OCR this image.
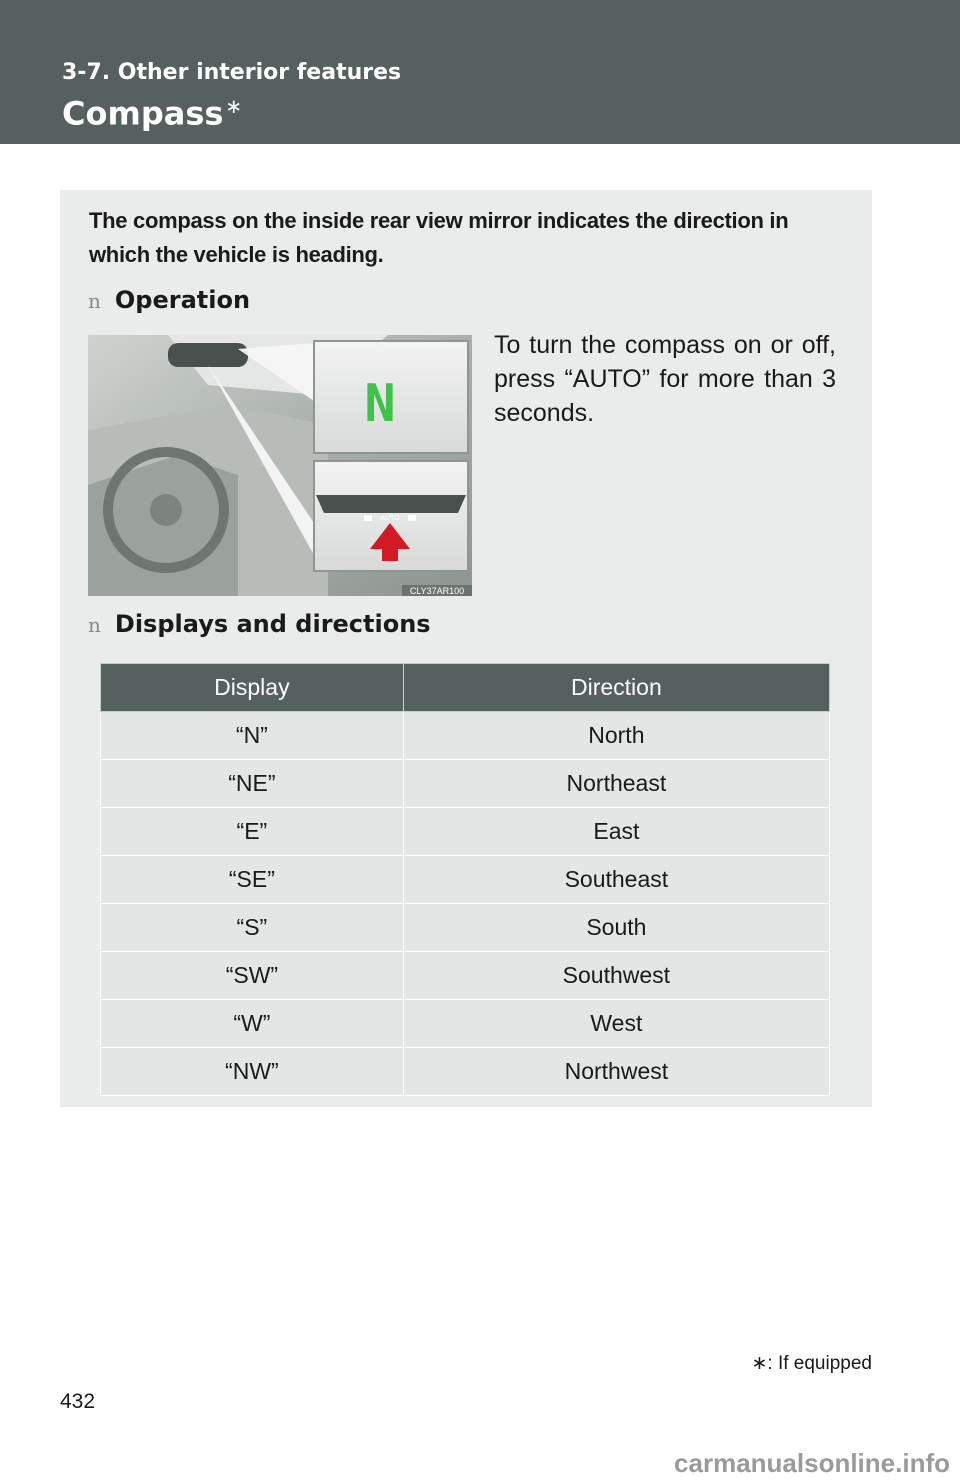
3-7. Other interior features
Compass ∗
The compass on the inside rear view mirror indicates the direction in which the vehicle is heading.
n Operation
N
AUTO
CLY37AR100
To turn the compass on or off, press “AUTO” for more than 3 seconds.
n Displays and directions
Display	Direction
“N”	North
“NE”	Northeast
“E”	East
“SE”	Southeast
“S”	South
“SW”	Southwest
“W”	West
“NW”	Northwest
∗: If equipped
432
carmanualsonline.info
